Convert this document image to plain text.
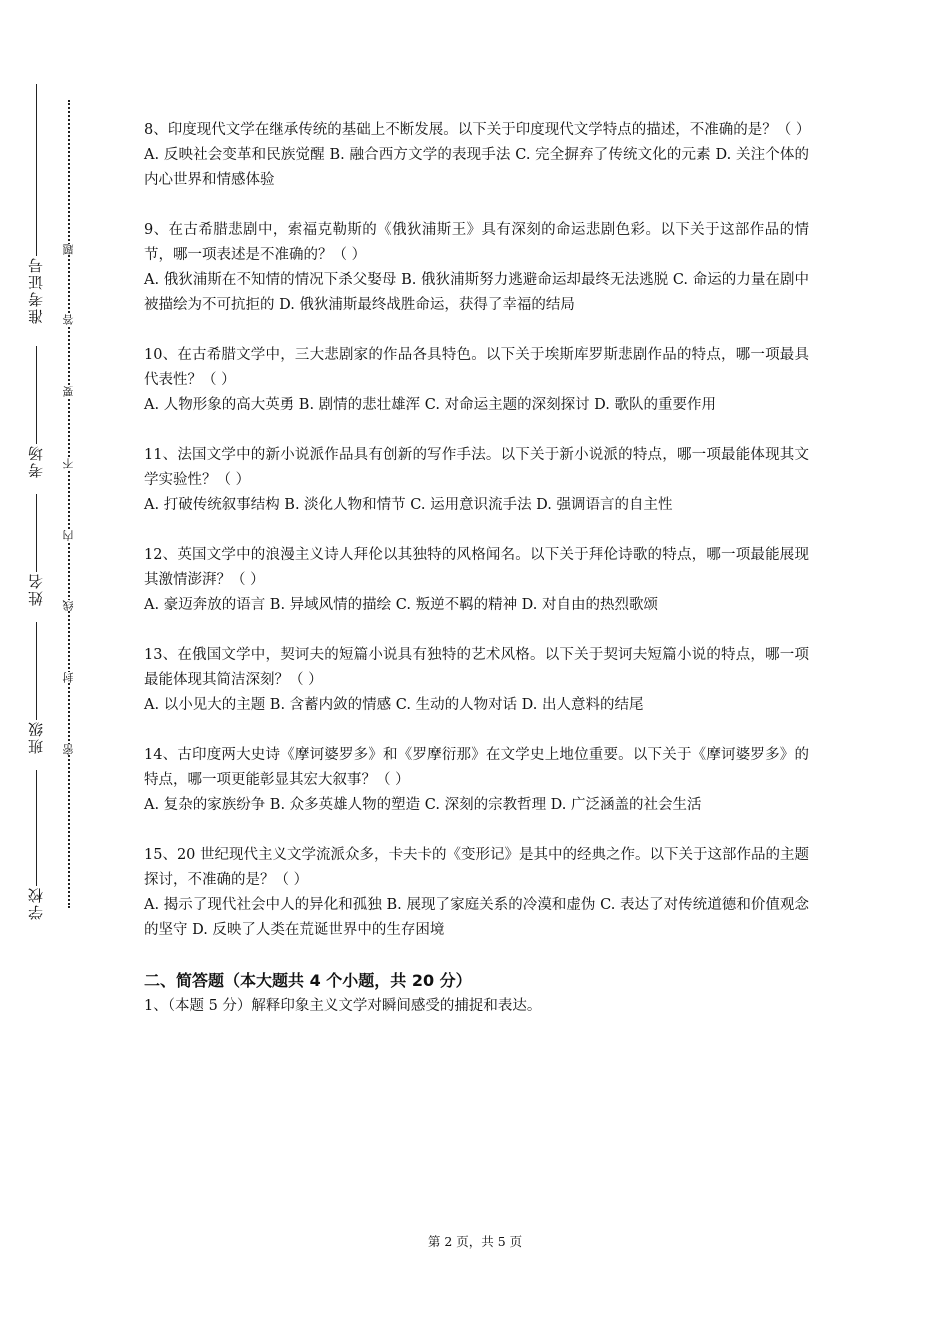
准考证号
考场
姓名
班级
学校
题
答
要
不
内
线
封
密

8、印度现代文学在继承传统的基础上不断发展。以下关于印度现代文学特点的描述，不准确的是？（ ）

A. 反映社会变革和民族觉醒 B. 融合西方文学的表现手法 C. 完全摒弃了传统文化的元素 D. 关注个体的内心世界和情感体验

9、在古希腊悲剧中，索福克勒斯的《俄狄浦斯王》具有深刻的命运悲剧色彩。以下关于这部作品的情节，哪一项表述是不准确的？（ ）

A. 俄狄浦斯在不知情的情况下杀父娶母 B. 俄狄浦斯努力逃避命运却最终无法逃脱 C. 命运的力量在剧中被描绘为不可抗拒的 D. 俄狄浦斯最终战胜命运，获得了幸福的结局

10、在古希腊文学中，三大悲剧家的作品各具特色。以下关于埃斯库罗斯悲剧作品的特点，哪一项最具代表性？（ ）

A. 人物形象的高大英勇 B. 剧情的悲壮雄浑 C. 对命运主题的深刻探讨 D. 歌队的重要作用

11、法国文学中的新小说派作品具有创新的写作手法。以下关于新小说派的特点，哪一项最能体现其文学实验性？（ ）

A. 打破传统叙事结构 B. 淡化人物和情节 C. 运用意识流手法 D. 强调语言的自主性

12、英国文学中的浪漫主义诗人拜伦以其独特的风格闻名。以下关于拜伦诗歌的特点，哪一项最能展现其激情澎湃？（ ）

A. 豪迈奔放的语言 B. 异域风情的描绘 C. 叛逆不羁的精神 D. 对自由的热烈歌颂

13、在俄国文学中，契诃夫的短篇小说具有独特的艺术风格。以下关于契诃夫短篇小说的特点，哪一项最能体现其简洁深刻？（ ）

A. 以小见大的主题 B. 含蓄内敛的情感 C. 生动的人物对话 D. 出人意料的结尾

14、古印度两大史诗《摩诃婆罗多》和《罗摩衍那》在文学史上地位重要。以下关于《摩诃婆罗多》的特点，哪一项更能彰显其宏大叙事？（ ）

A. 复杂的家族纷争 B. 众多英雄人物的塑造 C. 深刻的宗教哲理 D. 广泛涵盖的社会生活

15、20 世纪现代主义文学流派众多，卡夫卡的《变形记》是其中的经典之作。以下关于这部作品的主题探讨，不准确的是？（ ）

A. 揭示了现代社会中人的异化和孤独 B. 展现了家庭关系的冷漠和虚伪 C. 表达了对传统道德和价值观念的坚守 D. 反映了人类在荒诞世界中的生存困境

二、简答题（本大题共 4 个小题，共 20 分）

1、（本题 5 分）解释印象主义文学对瞬间感受的捕捉和表达。

第 2 页，共 5 页
